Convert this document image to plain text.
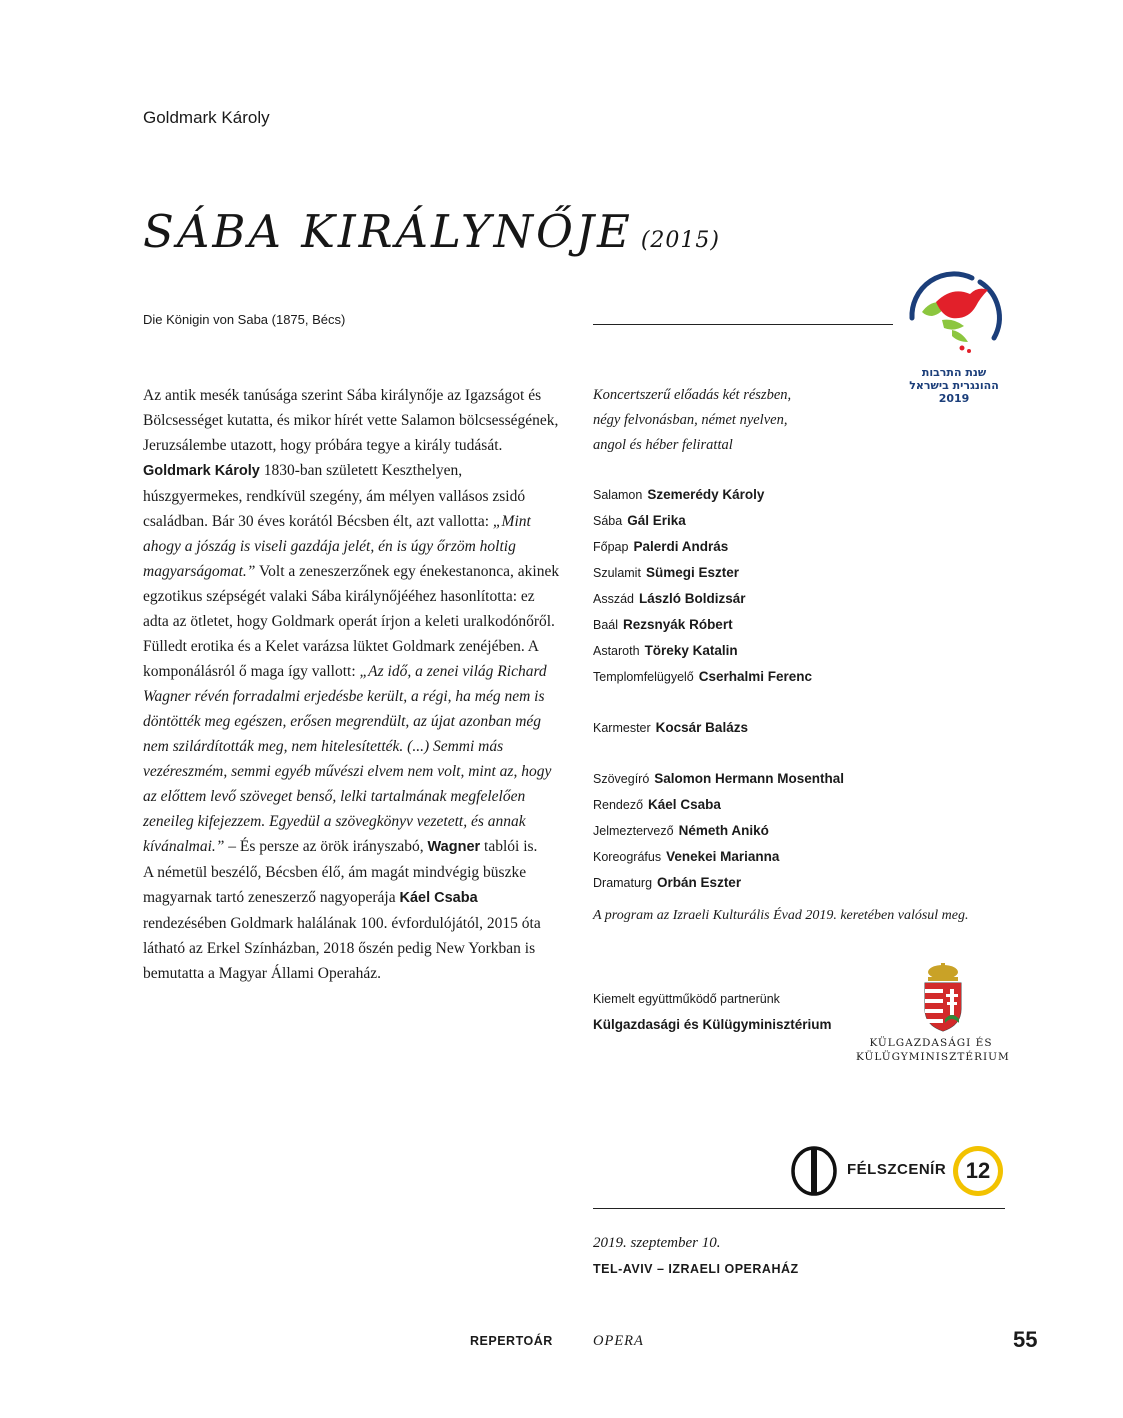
Goldmark Károly
SÁBA KIRÁLYNŐJE (2015)
Die Königin von Saba (1875, Bécs)

Az antik mesék tanúsága szerint Sába királynője az Igazságot és Bölcsességet kutatta, és mikor hírét vette Salamon bölcsességének, Jeruzsálembe utazott, hogy próbára tegye a király tudását.

Goldmark Károly 1830-ban született Keszthelyen, húszgyermekes, rendkívül szegény, ám mélyen vallásos zsidó családban. Bár 30 éves korától Bécsben élt, azt vallotta: „Mint ahogy a jószág is viseli gazdája jelét, én is úgy őrzöm holtig magyarságomat.” Volt a zeneszerzőnek egy énekestanonca, akinek egzotikus szépségét valaki Sába királynőjééhez hasonlította: ez adta az ötletet, hogy Goldmark operát írjon a keleti uralkodónőről.

Fülledt erotika és a Kelet varázsa lüktet Goldmark zenéjében. A komponálásról ő maga így vallott: „Az idő, a zenei világ Richard Wagner révén forradalmi erjedésbe került, a régi, ha még nem is döntötték meg egészen, erősen megrendült, az újat azonban még nem szilárdították meg, nem hitelesítették. (...) Semmi más vezéreszmém, semmi egyéb művészi elvem nem volt, mint az, hogy az előttem levő szöveget benső, lelki tartalmának megfelelően zeneileg kifejezzem. Egyedül a szövegkönyv vezetett, és annak kívánalmai.” – És persze az örök irányszabó, Wagner tablói is.

A németül beszélő, Bécsben élő, ám magát mindvégig büszke magyarnak tartó zeneszerző nagyoperája Káel Csaba rendezésében Goldmark halálának 100. évfordulójától, 2015 óta látható az Erkel Színházban, 2018 őszén pedig New Yorkban is bemutatta a Magyar Állami Operaház.

Koncertszerű előadás két részben,
négy felvonásban, német nyelven,
angol és héber felirattal
Salamon Szemerédy Károly
Sába Gál Erika
Főpap Palerdi András
Szulamit Sümegi Eszter
Asszád László Boldizsár
Baál Rezsnyák Róbert
Astaroth Töreky Katalin
Templomfelügyelő Cserhalmi Ferenc
Karmester Kocsár Balázs
Szövegíró Salomon Hermann Mosenthal
Rendező Káel Csaba
Jelmeztervező Németh Anikó
Koreográfus Venekei Marianna
Dramaturg Orbán Eszter
A program az Izraeli Kulturális Évad 2019. keretében valósul meg.
Kiemelt együttműködő partnerünk
Külgazdasági és Külügyminisztérium
KÜLGAZDASÁGI ÉS
KÜLÜGYMINISZTÉRIUM
שנת התרבות
ההונגרית בישראל
2019
FÉLSZCENÍR 12
2019. szeptember 10.
TEL-AVIV – IZRAELI OPERAHÁZ
REPERTOÁR	OPERA	55
